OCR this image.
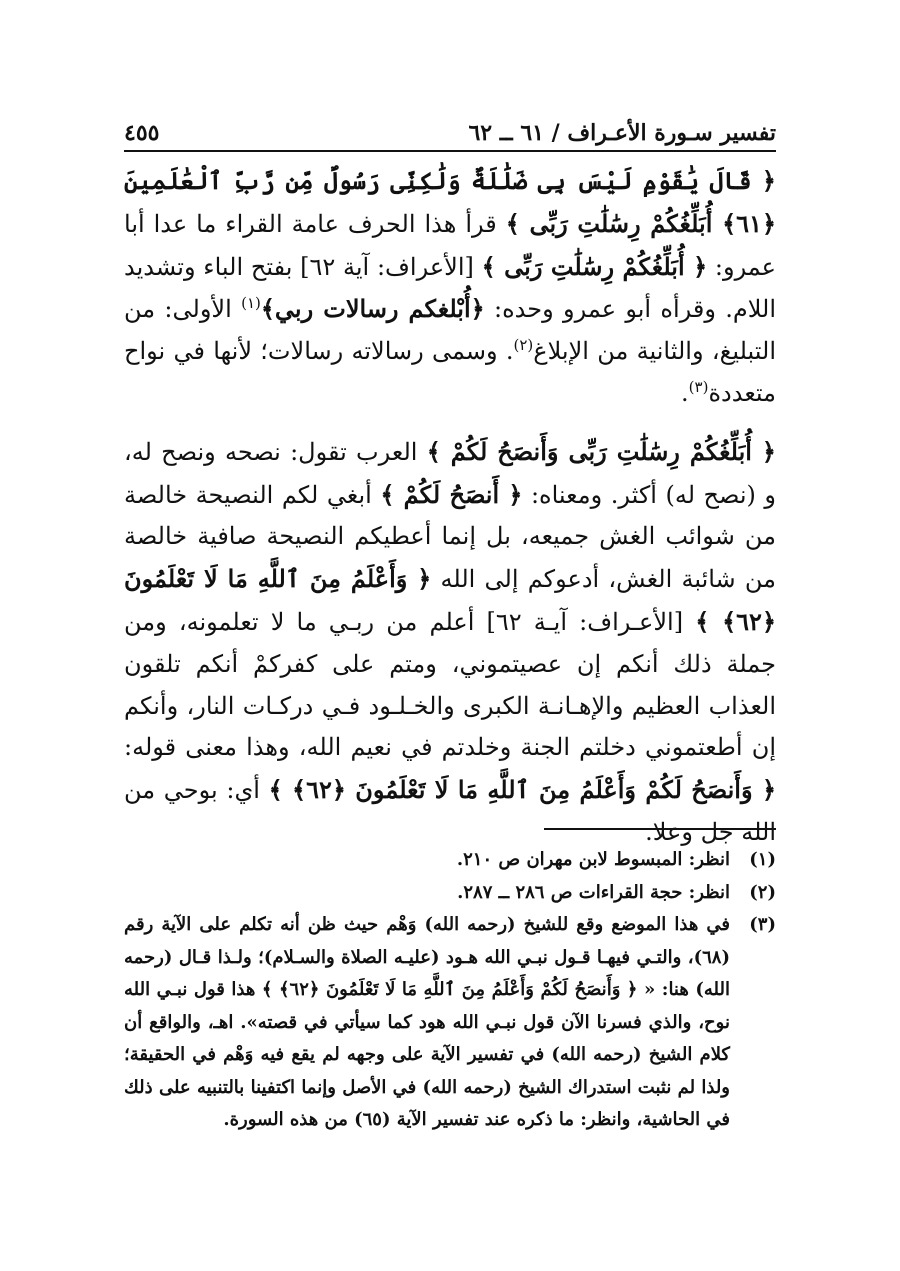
تفسير سـورة الأعـراف / ٦١ ــ ٦٢
٤٥٥

﴿ قَالَ يَٰقَوْمِ لَيْسَ بِى ضَلَٰلَةٌ وَلَٰكِنِّى رَسُولٌ مِّن رَّبِّ ٱلْعَٰلَمِينَ ﴿٦١﴾ أُبَلِّغُكُمْ رِسَٰلَٰتِ رَبِّى ﴾ قرأ هذا الحرف عامة القراء ما عدا أبا عمرو: ﴿ أُبَلِّغُكُمْ رِسَٰلَٰتِ رَبِّى ﴾ [الأعراف: آية ٦٢] بفتح الباء وتشديد اللام. وقرأه أبو عمرو وحده: ﴿أُبْلغكم رسالات ربي﴾$^{(١)}$ الأولى: من التبليغ، والثانية من الإبلاغ$^{(٢)}$. وسمى رسالاته رسالات؛ لأنها في نواح متعددة$^{(٣)}$.

﴿ أُبَلِّغُكُمْ رِسَٰلَٰتِ رَبِّى وَأَنصَحُ لَكُمْ ﴾ العرب تقول: نصحه ونصح له، و (نصح له) أكثر. ومعناه: ﴿ أَنصَحُ لَكُمْ ﴾ أبغي لكم النصيحة خالصة من شوائب الغش جميعه، بل إنما أعطيكم النصيحة صافية خالصة من شائبة الغش، أدعوكم إلى الله ﴿ وَأَعْلَمُ مِنَ ٱللَّهِ مَا لَا تَعْلَمُونَ ﴿٦٢﴾ ﴾ [الأعـراف: آيـة ٦٢] أعلم من ربـي ما لا تعلمونه، ومن جملة ذلك أنكم إن عصيتموني، ومتم على كفركمْ أنكم تلقون العذاب العظيم والإهـانـة الكبرى والخـلـود فـي دركـات النار، وأنكم إن أطعتموني دخلتم الجنة وخلدتم في نعيم الله، وهذا معنى قوله: ﴿ وَأَنصَحُ لَكُمْ وَأَعْلَمُ مِنَ ٱللَّهِ مَا لَا تَعْلَمُونَ ﴿٦٢﴾ ﴾ أي: بوحي من الله جل وعلا.

(١)
انظر: المبسوط لابن مهران ص ٢١٠.
(٢)
انظر: حجة القراءات ص ٢٨٦ ــ ٢٨٧.
(٣)
في هذا الموضع وقع للشيخ (رحمه الله) وَهْم حيث ظن أنه تكلم على الآية رقم (٦٨)، والتـي فيهـا قـول نبـي الله هـود (عليـه الصلاة والسـلام)؛ ولـذا قـال (رحمه الله) هنا: « ﴿ وَأَنصَحُ لَكُمْ وَأَعْلَمُ مِنَ ٱللَّهِ مَا لَا تَعْلَمُونَ ﴿٦٢﴾ ﴾ هذا قول نبـي الله نوح، والذي فسرنا الآن قول نبـي الله هود كما سيأتي في قصته». اهـ، والواقع أن كلام الشيخ (رحمه الله) في تفسير الآية على وجهه لم يقع فيه وَهْم في الحقيقة؛ ولذا لم نثبت استدراك الشيخ (رحمه الله) في الأصل وإنما اكتفينا بالتنبيه على ذلك في الحاشية، وانظر: ما ذكره عند تفسير الآية (٦٥) من هذه السورة.
